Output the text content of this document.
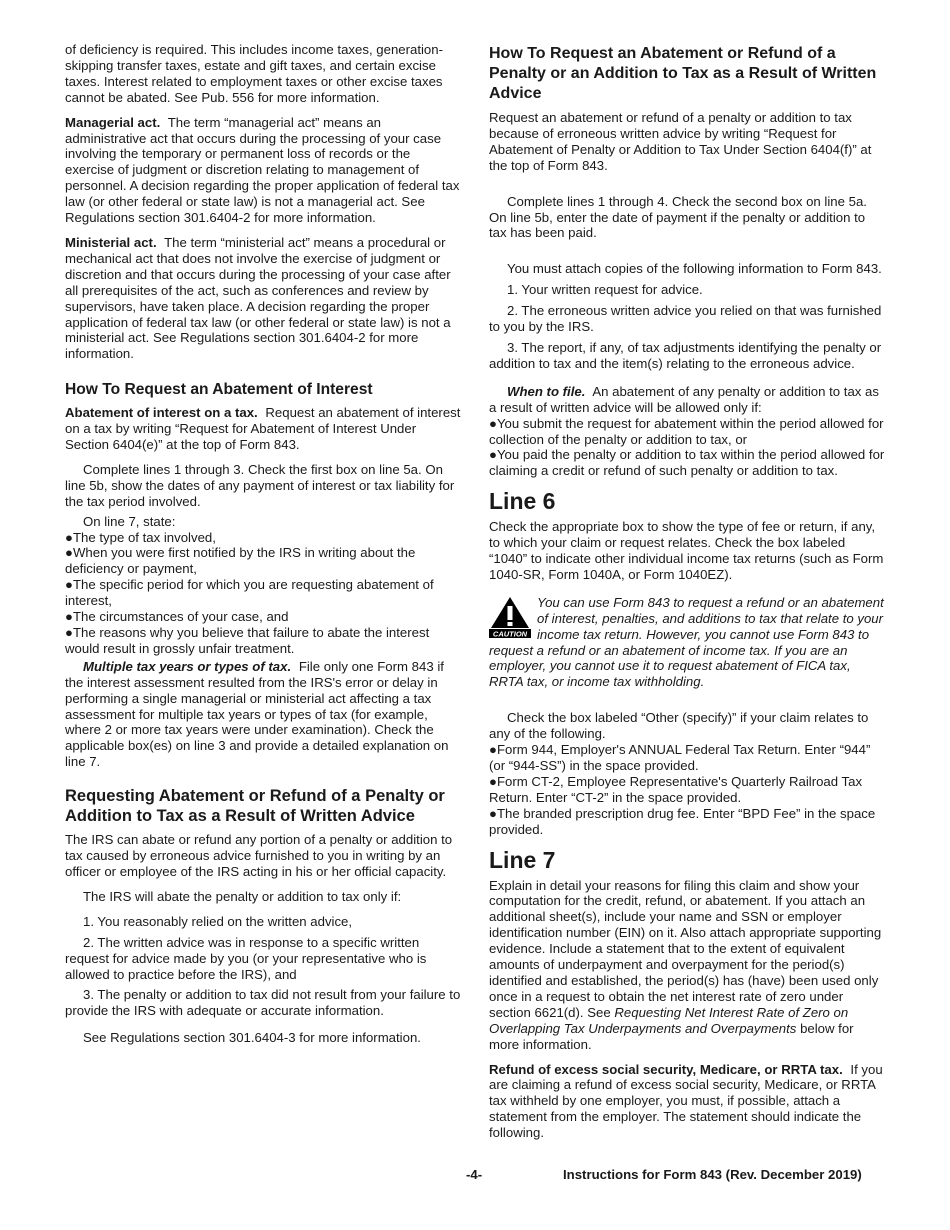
of deficiency is required. This includes income taxes, generation-skipping transfer taxes, estate and gift taxes, and certain excise taxes. Interest related to employment taxes or other excise taxes cannot be abated. See Pub. 556 for more information.

Managerial act. The term “managerial act” means an administrative act that occurs during the processing of your case involving the temporary or permanent loss of records or the exercise of judgment or discretion relating to management of personnel. A decision regarding the proper application of federal tax law (or other federal or state law) is not a managerial act. See Regulations section 301.6404-2 for more information.

Ministerial act. The term “ministerial act” means a procedural or mechanical act that does not involve the exercise of judgment or discretion and that occurs during the processing of your case after all prerequisites of the act, such as conferences and review by supervisors, have taken place. A decision regarding the proper application of federal tax law (or other federal or state law) is not a ministerial act. See Regulations section 301.6404-2 for more information.

How To Request an Abatement of Interest

Abatement of interest on a tax. Request an abatement of interest on a tax by writing “Request for Abatement of Interest Under Section 6404(e)” at the top of Form 843.

Complete lines 1 through 3. Check the first box on line 5a. On line 5b, show the dates of any payment of interest or tax liability for the tax period involved.

On line 7, state:

●The type of tax involved,
●When you were first notified by the IRS in writing about the deficiency or payment,
●The specific period for which you are requesting abatement of interest,
●The circumstances of your case, and
●The reasons why you believe that failure to abate the interest would result in grossly unfair treatment.

Multiple tax years or types of tax. File only one Form 843 if the interest assessment resulted from the IRS's error or delay in performing a single managerial or ministerial act affecting a tax assessment for multiple tax years or types of tax (for example, where 2 or more tax years were under examination). Check the applicable box(es) on line 3 and provide a detailed explanation on line 7.

Requesting Abatement or Refund of a Penalty or Addition to Tax as a Result of Written Advice

The IRS can abate or refund any portion of a penalty or addition to tax caused by erroneous advice furnished to you in writing by an officer or employee of the IRS acting in his or her official capacity.

The IRS will abate the penalty or addition to tax only if:

1. You reasonably relied on the written advice,

2. The written advice was in response to a specific written request for advice made by you (or your representative who is allowed to practice before the IRS), and

3. The penalty or addition to tax did not result from your failure to provide the IRS with adequate or accurate information.

See Regulations section 301.6404-3 for more information.

How To Request an Abatement or Refund of a Penalty or an Addition to Tax as a Result of Written Advice

Request an abatement or refund of a penalty or addition to tax because of erroneous written advice by writing “Request for Abatement of Penalty or Addition to Tax Under Section 6404(f)” at the top of Form 843.

Complete lines 1 through 4. Check the second box on line 5a. On line 5b, enter the date of payment if the penalty or addition to tax has been paid.

You must attach copies of the following information to Form 843.

1. Your written request for advice.

2. The erroneous written advice you relied on that was furnished to you by the IRS.

3. The report, if any, of tax adjustments identifying the penalty or addition to tax and the item(s) relating to the erroneous advice.

When to file. An abatement of any penalty or addition to tax as a result of written advice will be allowed only if:

●You submit the request for abatement within the period allowed for collection of the penalty or addition to tax, or
●You paid the penalty or addition to tax within the period allowed for claiming a credit or refund of such penalty or addition to tax.
Line 6

Check the appropriate box to show the type of fee or return, if any, to which your claim or request relates. Check the box labeled “1040” to indicate other individual income tax returns (such as Form 1040-SR, Form 1040A, or Form 1040EZ).

CAUTION
You can use Form 843 to request a refund or an abatement of interest, penalties, and additions to tax that relate to your income tax return. However, you cannot use Form 843 to request a refund or an abatement of income tax. If you are an employer, you cannot use it to request abatement of FICA tax, RRTA tax, or income tax withholding.

Check the box labeled “Other (specify)” if your claim relates to any of the following.

●Form 944, Employer's ANNUAL Federal Tax Return. Enter “944” (or “944-SS”) in the space provided.
●Form CT-2, Employee Representative's Quarterly Railroad Tax Return. Enter “CT-2” in the space provided.
●The branded prescription drug fee. Enter “BPD Fee” in the space provided.
Line 7

Explain in detail your reasons for filing this claim and show your computation for the credit, refund, or abatement. If you attach an additional sheet(s), include your name and SSN or employer identification number (EIN) on it. Also attach appropriate supporting evidence. Include a statement that to the extent of equivalent amounts of underpayment and overpayment for the period(s) identified and established, the period(s) has (have) been used only once in a request to obtain the net interest rate of zero under section 6621(d). See Requesting Net Interest Rate of Zero on Overlapping Tax Underpayments and Overpayments below for more information.

Refund of excess social security, Medicare, or RRTA tax. If you are claiming a refund of excess social security, Medicare, or RRTA tax withheld by one employer, you must, if possible, attach a statement from the employer. The statement should indicate the following.

-4-	Instructions for Form 843 (Rev. December 2019)
